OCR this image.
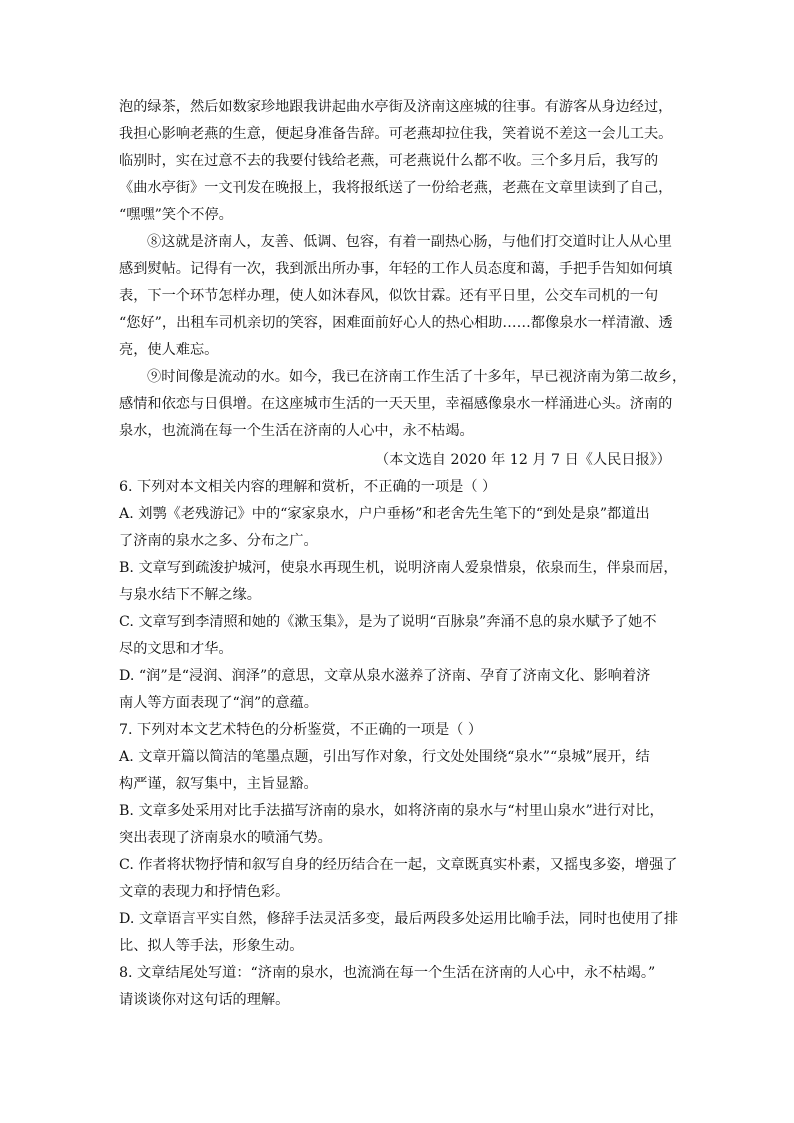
泡的绿茶，然后如数家珍地跟我讲起曲水亭街及济南这座城的往事。有游客从身边经过，
我担心影响老燕的生意，便起身准备告辞。可老燕却拉住我，笑着说不差这一会儿工夫。
临别时，实在过意不去的我要付钱给老燕，可老燕说什么都不收。三个多月后，我写的
《曲水亭街》一文刊发在晚报上，我将报纸送了一份给老燕，老燕在文章里读到了自己，
“嘿嘿”笑个不停。
⑧这就是济南人，友善、低调、包容，有着一副热心肠，与他们打交道时让人从心里
感到熨帖。记得有一次，我到派出所办事，年轻的工作人员态度和蔼，手把手告知如何填
表，下一个环节怎样办理，使人如沐春风，似饮甘霖。还有平日里，公交车司机的一句
“您好”，出租车司机亲切的笑容，困难面前好心人的热心相助……都像泉水一样清澈、透
亮，使人难忘。
⑨时间像是流动的水。如今，我已在济南工作生活了十多年，早已视济南为第二故乡，
感情和依恋与日俱增。在这座城市生活的一天天里，幸福感像泉水一样涌进心头。济南的
泉水，也流淌在每一个生活在济南的人心中，永不枯竭。
（本文选自 2020 年 12 月 7 日《人民日报》）
6. 下列对本文相关内容的理解和赏析，不正确的一项是（ ）
A. 刘鹗《老残游记》中的“家家泉水，户户垂杨”和老舍先生笔下的“到处是泉”都道出
了济南的泉水之多、分布之广。
B. 文章写到疏浚护城河，使泉水再现生机，说明济南人爱泉惜泉，依泉而生，伴泉而居，
与泉水结下不解之缘。
C. 文章写到李清照和她的《漱玉集》，是为了说明“百脉泉”奔涌不息的泉水赋予了她不
尽的文思和才华。
D. “润”是“浸润、润泽”的意思，文章从泉水滋养了济南、孕育了济南文化、影响着济
南人等方面表现了“润”的意蕴。
7. 下列对本文艺术特色的分析鉴赏，不正确的一项是（ ）
A. 文章开篇以简洁的笔墨点题，引出写作对象，行文处处围绕“泉水”“泉城”展开，结
构严谨，叙写集中，主旨显豁。
B. 文章多处采用对比手法描写济南的泉水，如将济南的泉水与“村里山泉水”进行对比，
突出表现了济南泉水的喷涌气势。
C. 作者将状物抒情和叙写自身的经历结合在一起，文章既真实朴素，又摇曳多姿，增强了
文章的表现力和抒情色彩。
D. 文章语言平实自然，修辞手法灵活多变，最后两段多处运用比喻手法，同时也使用了排
比、拟人等手法，形象生动。
8. 文章结尾处写道：“济南的泉水，也流淌在每一个生活在济南的人心中，永不枯竭。”
请谈谈你对这句话的理解。
